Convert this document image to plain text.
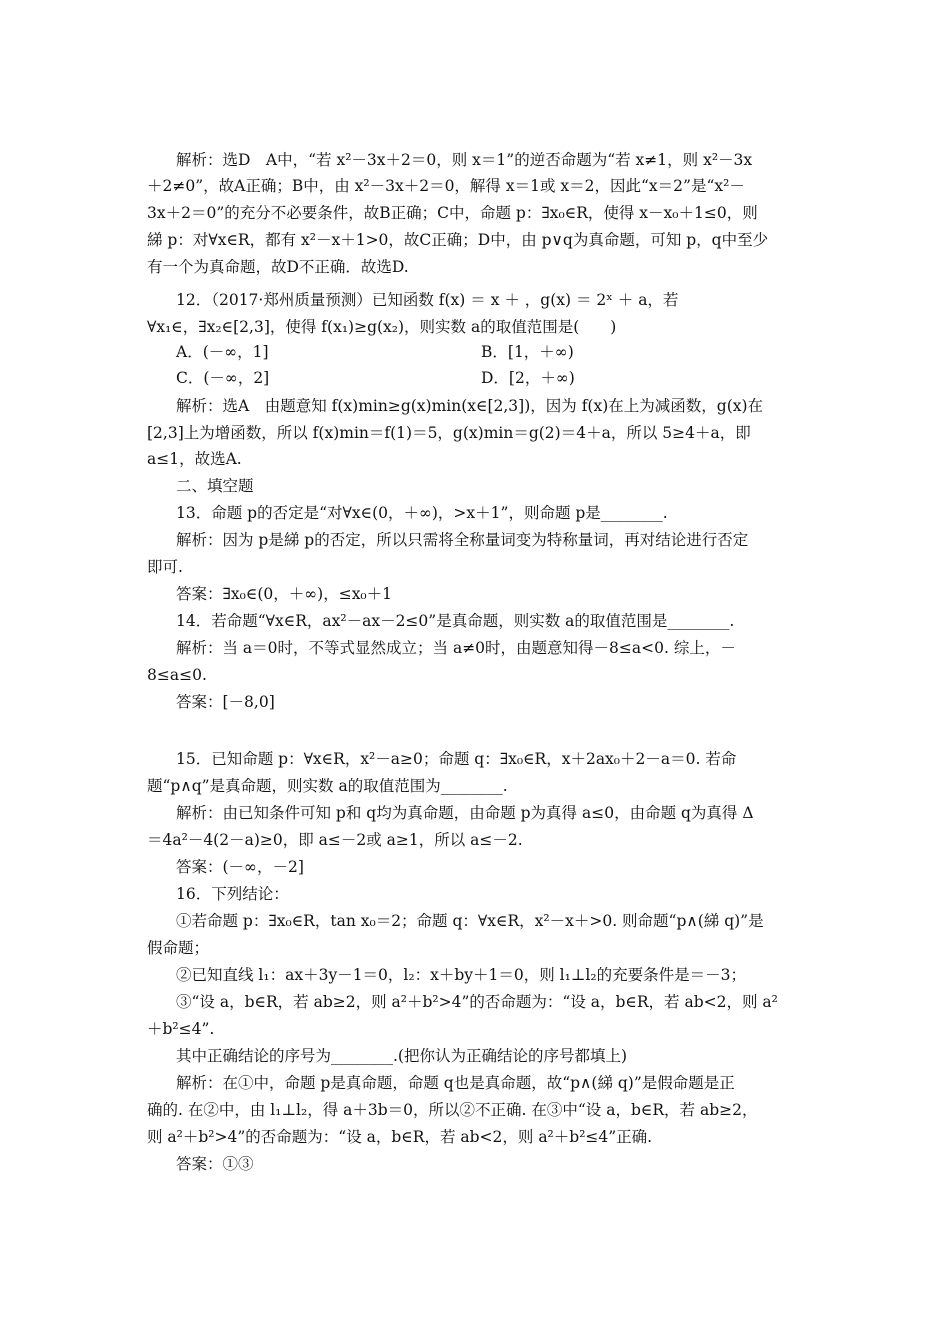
解析：选D　A中，“若 x²－3x＋2＝0，则 x＝1”的逆否命题为“若 x≠1，则 x²－3x
＋2≠0”，故A正确；B中，由 x²－3x＋2＝0，解得 x＝1或 x＝2，因此“x＝2”是“x²－
3x＋2＝0”的充分不必要条件，故B正确；C中，命题 p：∃x₀∈R，使得 x－x₀＋1≤0，则
綈 p：对∀x∈R，都有 x²－x＋1>0，故C正确；D中，由 p∨q为真命题，可知 p，q中至少
有一个为真命题，故D不正确．故选D.
12．（2017·郑州质量预测）已知函数 f(x) ＝ x ＋ ，g(x) ＝ 2ˣ ＋ a，若
∀x₁∈，∃x₂∈[2,3]，使得 f(x₁)≥g(x₂)，则实数 a的取值范围是(　　)
A．(－∞，1]	B．[1，＋∞)
C．(－∞，2]	D．[2，＋∞)
解析：选A　由题意知 f(x)min≥g(x)min(x∈[2,3])，因为 f(x)在上为减函数，g(x)在
[2,3]上为增函数，所以 f(x)min＝f(1)＝5，g(x)min＝g(2)＝4＋a，所以 5≥4＋a，即
a≤1，故选A.
二、填空题
13．命题 p的否定是“对∀x∈(0，＋∞)，>x＋1”，则命题 p是________.
解析：因为 p是綈 p的否定，所以只需将全称量词变为特称量词，再对结论进行否定
即可.
答案：∃x₀∈(0，＋∞)，≤x₀＋1
14．若命题“∀x∈R，ax²－ax－2≤0”是真命题，则实数 a的取值范围是________.
解析：当 a＝0时，不等式显然成立；当 a≠0时，由题意知得－8≤a<0. 综上，－
8≤a≤0.
答案：[－8,0]
15．已知命题 p：∀x∈R，x²－a≥0；命题 q：∃x₀∈R，x＋2ax₀＋2－a＝0. 若命
题“p∧q”是真命题，则实数 a的取值范围为________.
解析：由已知条件可知 p和 q均为真命题，由命题 p为真得 a≤0，由命题 q为真得 Δ
＝4a²－4(2－a)≥0，即 a≤－2或 a≥1，所以 a≤－2.
答案：(－∞，－2]
16．下列结论：
①若命题 p：∃x₀∈R，tan x₀＝2；命题 q：∀x∈R，x²－x＋>0. 则命题“p∧(綈 q)”是
假命题；
②已知直线 l₁：ax＋3y－1＝0，l₂：x＋by＋1＝0，则 l₁⊥l₂的充要条件是＝－3；
③“设 a，b∈R，若 ab≥2，则 a²＋b²>4”的否命题为：“设 a，b∈R，若 ab<2，则 a²
＋b²≤4”.
其中正确结论的序号为________.(把你认为正确结论的序号都填上)
解析：在①中，命题 p是真命题，命题 q也是真命题，故“p∧(綈 q)”是假命题是正
确的. 在②中，由 l₁⊥l₂，得 a＋3b＝0，所以②不正确. 在③中“设 a，b∈R，若 ab≥2，
则 a²＋b²>4”的否命题为：“设 a，b∈R，若 ab<2，则 a²＋b²≤4”正确.
答案：①③
